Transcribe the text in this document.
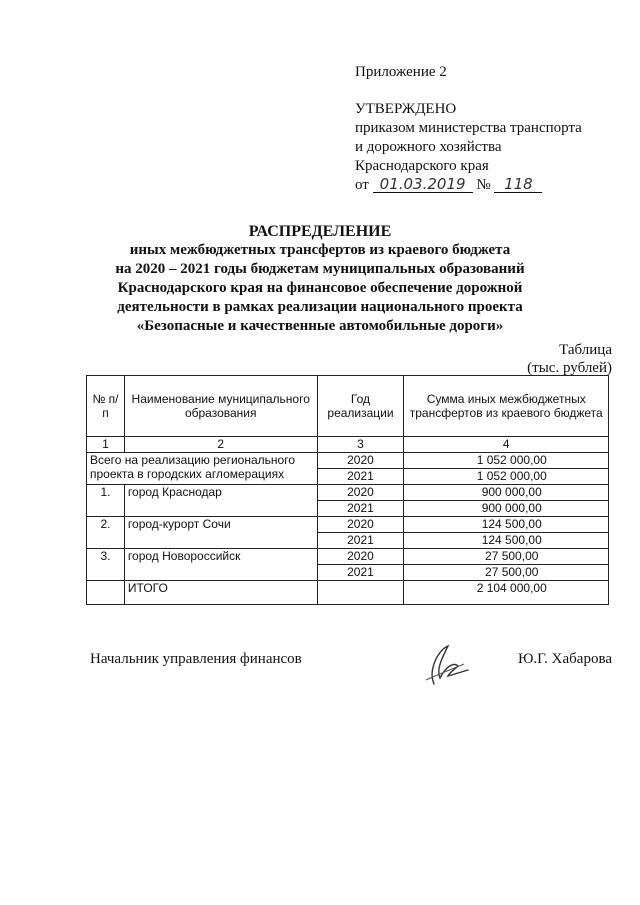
Приложение 2
УТВЕРЖДЕНО
приказом министерства транспорта
и дорожного хозяйства
Краснодарского края
от 01.03.2019 № 118
РАСПРЕДЕЛЕНИЕ
иных межбюджетных трансфертов из краевого бюджета
на 2020 – 2021 годы бюджетам муниципальных образований
Краснодарского края на финансовое обеспечение дорожной
деятельности в рамках реализации национального проекта
«Безопасные и качественные автомобильные дороги»
Таблица
(тыс. рублей)
№ п/п	Наименование муниципального образования	Год реализации	Сумма иных межбюджетных трансфертов из краевого бюджета
1	2	3	4
Всего на реализацию регионального проекта в городских агломерациях		2020	1 052 000,00
		2021	1 052 000,00
1.	город Краснодар	2020	900 000,00
		2021	900 000,00
2.	город-курорт Сочи	2020	124 500,00
		2021	124 500,00
3.	город Новороссийск	2020	27 500,00
		2021	27 500,00
	ИТОГО		2 104 000,00
Начальник управления финансов	Ю.Г. Хабарова
